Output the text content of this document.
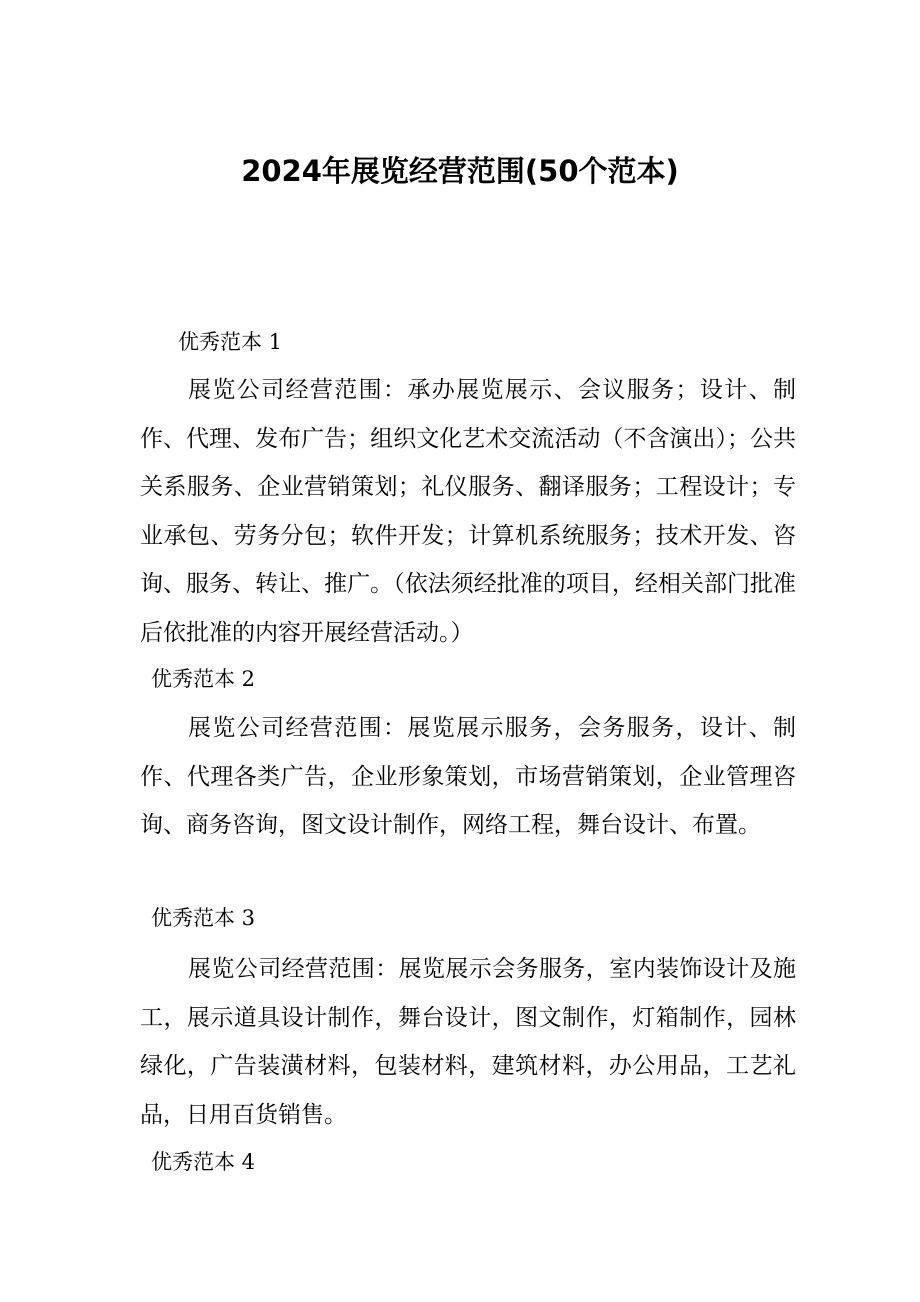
2024年展览经营范围(50个范本)

优秀范本 1

展览公司经营范围：承办展览展示、会议服务；设计、制作、代理、发布广告；组织文化艺术交流活动（不含演出）；公共关系服务、企业营销策划；礼仪服务、翻译服务；工程设计；专业承包、劳务分包；软件开发；计算机系统服务；技术开发、咨询、服务、转让、推广。（依法须经批准的项目，经相关部门批准后依批准的内容开展经营活动。）

优秀范本 2

展览公司经营范围：展览展示服务，会务服务，设计、制作、代理各类广告，企业形象策划，市场营销策划，企业管理咨询、商务咨询，图文设计制作，网络工程，舞台设计、布置。

优秀范本 3

展览公司经营范围：展览展示会务服务，室内装饰设计及施工，展示道具设计制作，舞台设计，图文制作，灯箱制作，园林绿化，广告装潢材料，包装材料，建筑材料，办公用品，工艺礼品，日用百货销售。

优秀范本 4
